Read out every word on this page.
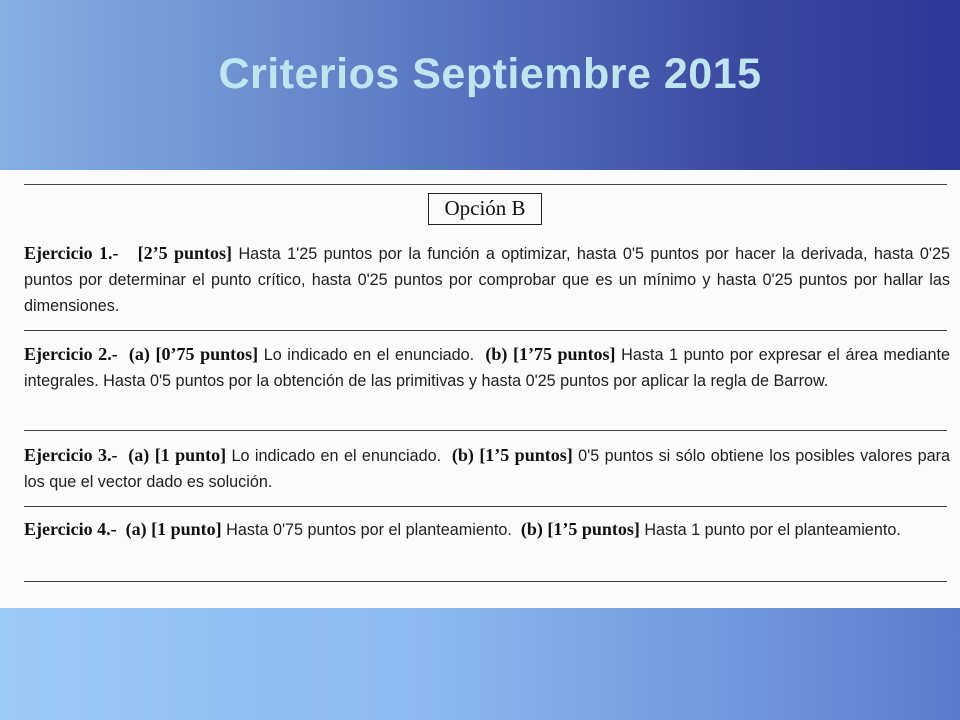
Criterios Septiembre 2015
Opción B
Ejercicio 1.- [2’5 puntos] Hasta 1'25 puntos por la función a optimizar, hasta 0'5 puntos por hacer la derivada, hasta 0'25 puntos por determinar el punto crítico, hasta 0'25 puntos por comprobar que es un mínimo y hasta 0'25 puntos por hallar las dimensiones.
Ejercicio 2.- (a) [0’75 puntos] Lo indicado en el enunciado. (b) [1’75 puntos] Hasta 1 punto por expresar el área mediante integrales. Hasta 0'5 puntos por la obtención de las primitivas y hasta 0'25 puntos por aplicar la regla de Barrow.
Ejercicio 3.- (a) [1 punto] Lo indicado en el enunciado. (b) [1’5 puntos] 0'5 puntos si sólo obtiene los posibles valores para los que el vector dado es solución.
Ejercicio 4.- (a) [1 punto] Hasta 0'75 puntos por el planteamiento. (b) [1’5 puntos] Hasta 1 punto por el planteamiento.
